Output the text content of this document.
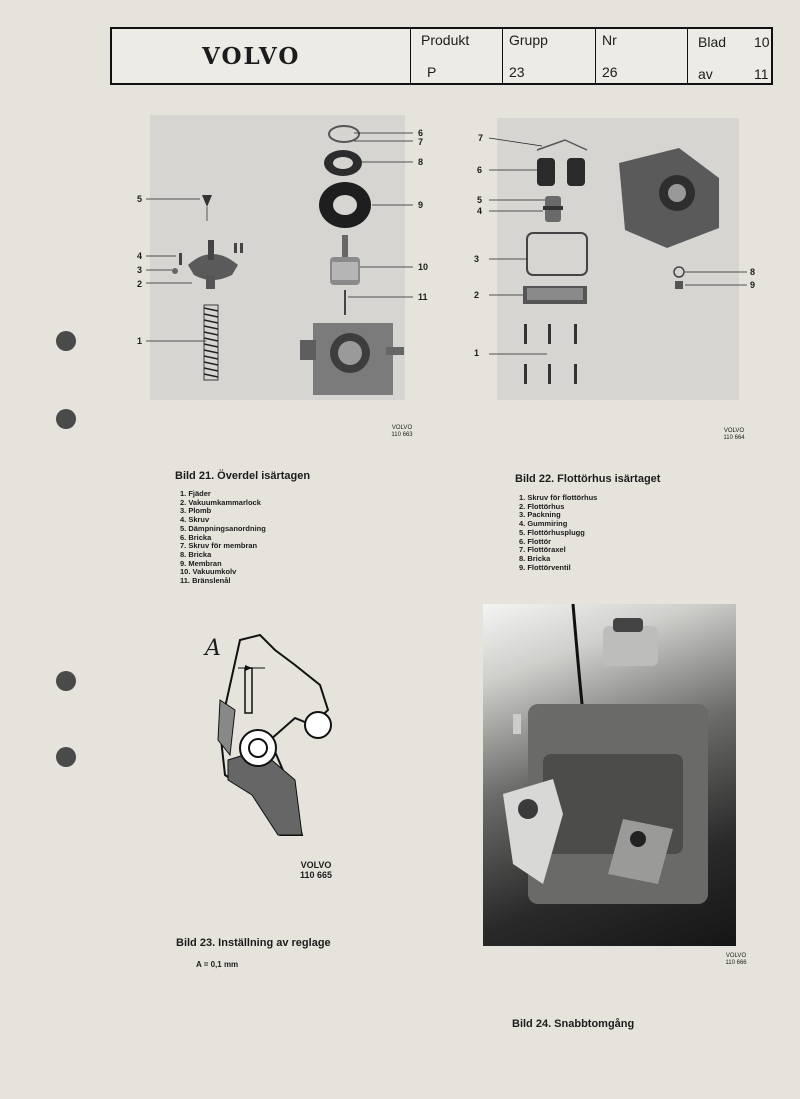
VOLVO
Produkt
P
Grupp
23
Nr
26
Blad 10
av	11
5
4
3
2
1
6
7
8
9
10
11
VOLVO
110 663
Bild 21. Överdel isärtagen
1. Fjäder
2. Vakuumkammarlock
3. Plomb
4. Skruv
5. Dämpningsanordning
6. Bricka
7. Skruv för membran
8. Bricka
9. Membran
10. Vakuumkolv
11. Bränslenål
7
6
5
4
3
2
1
8
9
VOLVO
110 664
Bild 22. Flottörhus isärtaget
1. Skruv för flottörhus
2. Flottörhus
3. Packning
4. Gummiring
5. Flottörhusplugg
6. Flottör
7. Flottöraxel
8. Bricka
9. Flottörventil
A
VOLVO
110 665
Bild 23. Inställning av reglage
A = 0,1 mm
VOLVO
110 666
Bild 24. Snabbtomgång
